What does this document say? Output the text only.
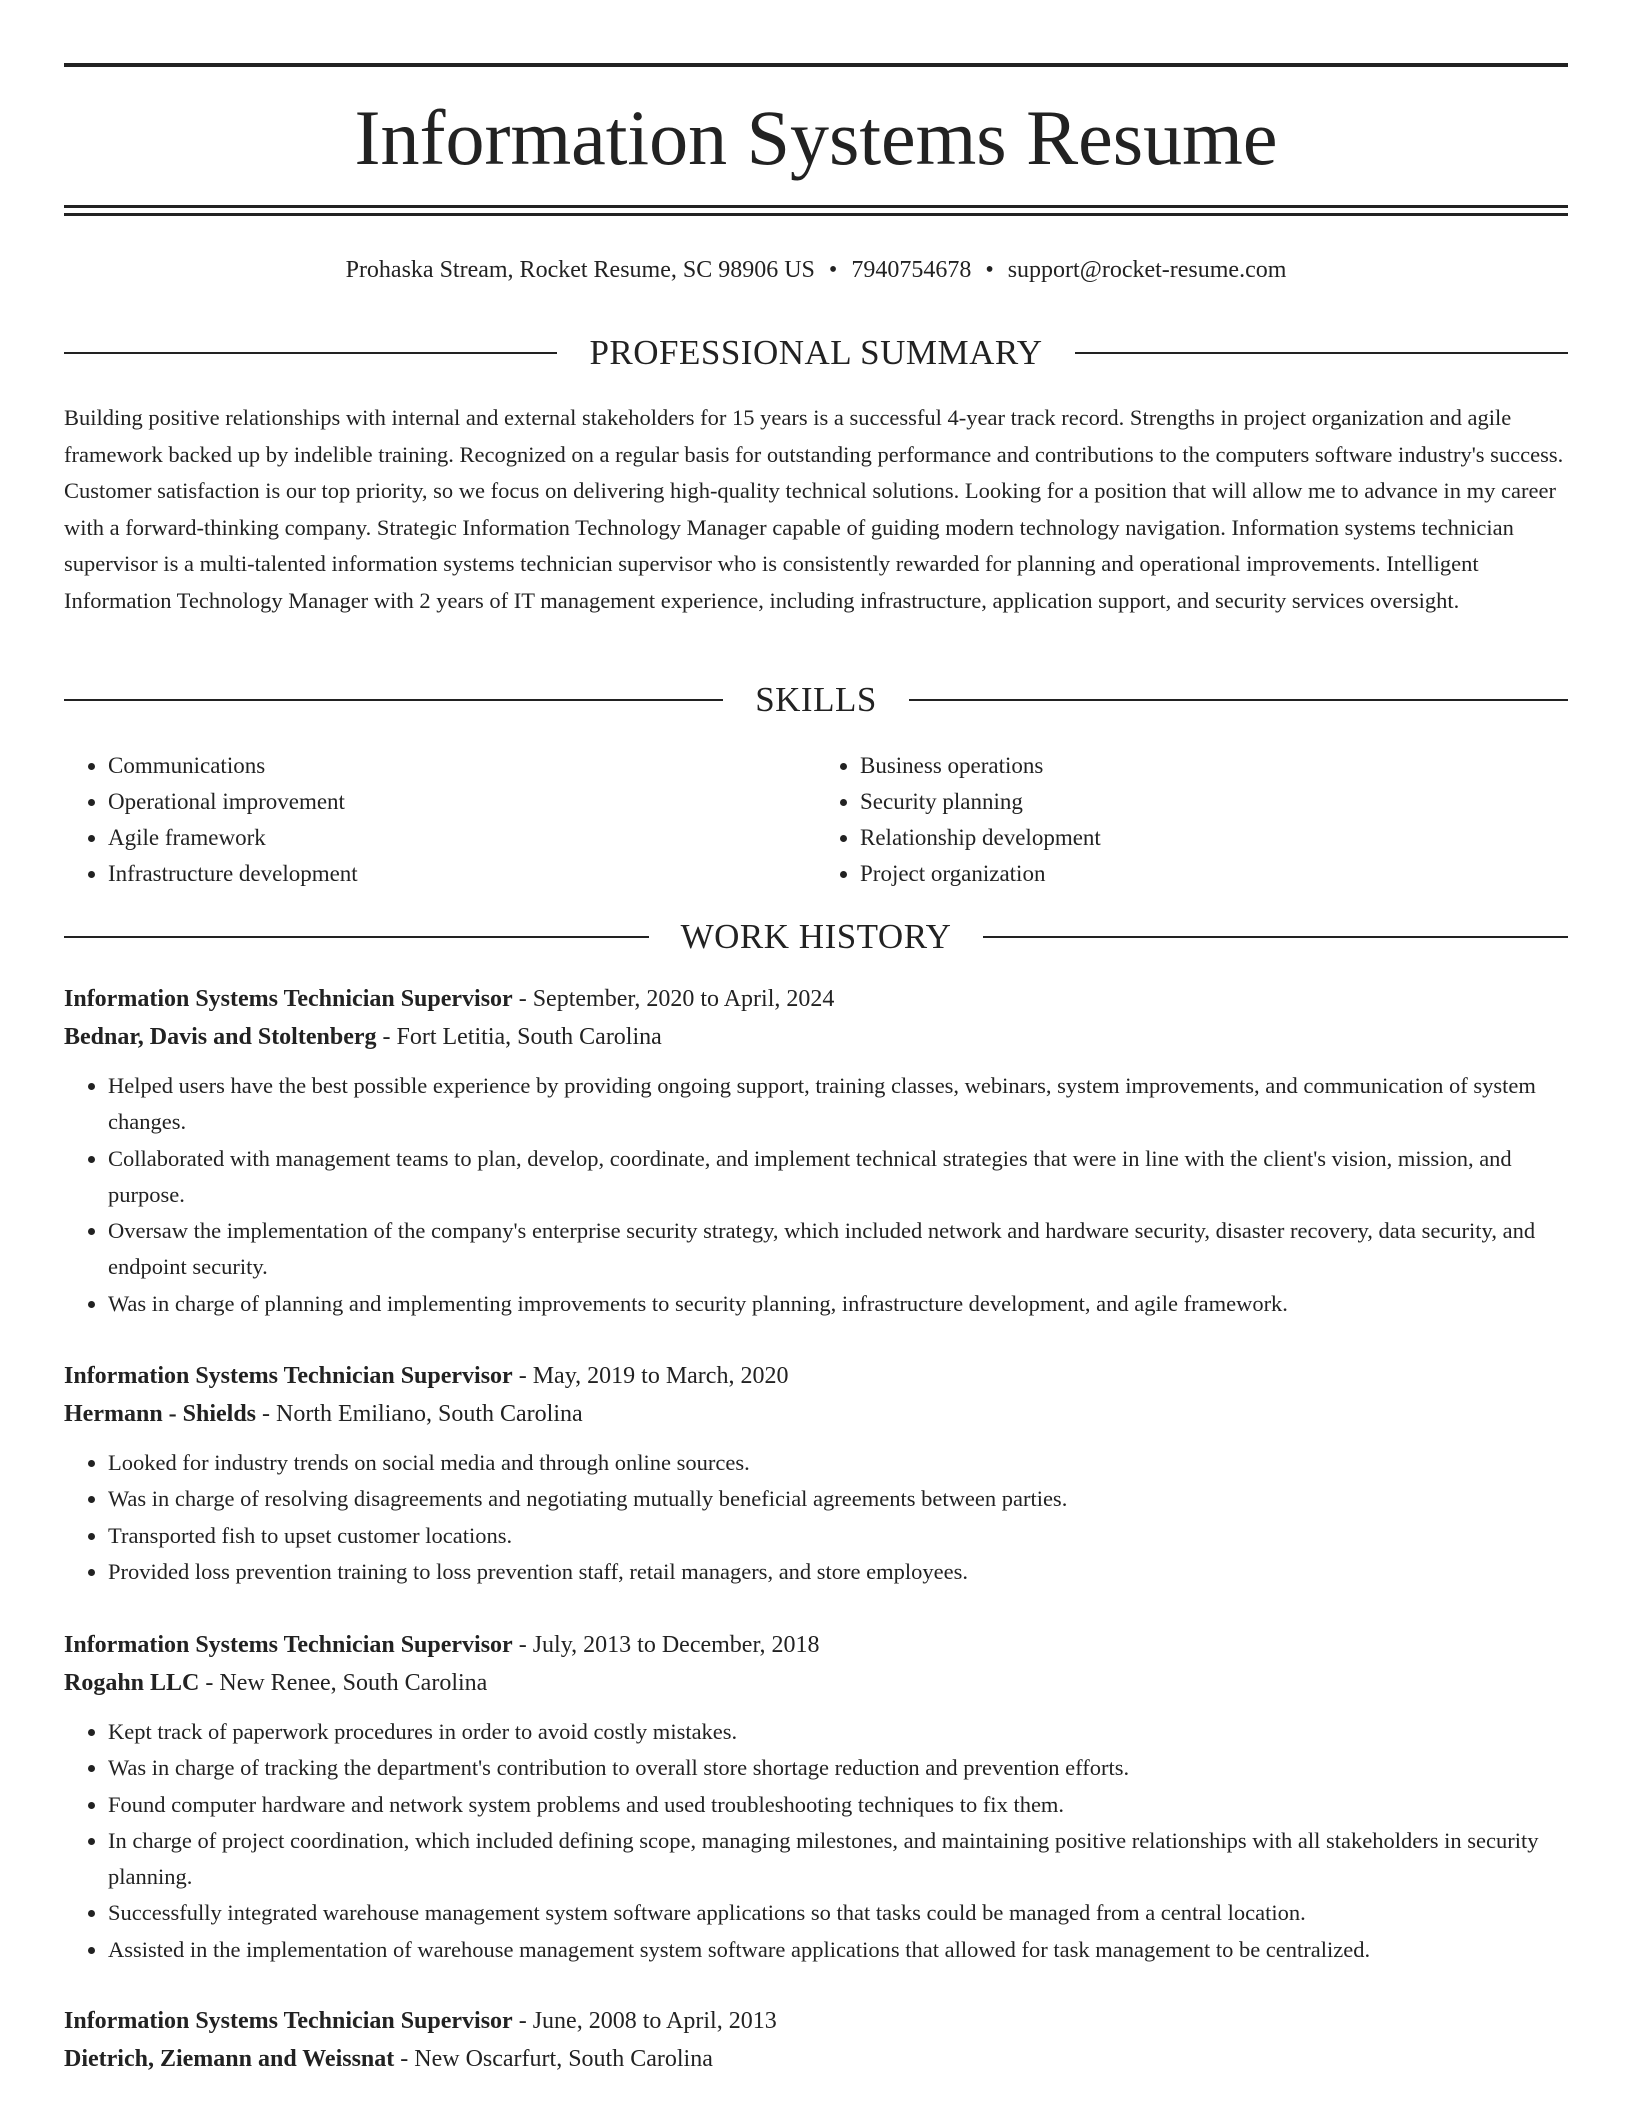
Information Systems Resume
Prohaska Stream, Rocket Resume, SC 98906 US • 7940754678 • support@rocket-resume.com
PROFESSIONAL SUMMARY

Building positive relationships with internal and external stakeholders for 15 years is a successful 4-year track record. Strengths in project organization and agile framework backed up by indelible training. Recognized on a regular basis for outstanding performance and contributions to the computers software industry's success. Customer satisfaction is our top priority, so we focus on delivering high-quality technical solutions. Looking for a position that will allow me to advance in my career with a forward-thinking company. Strategic Information Technology Manager capable of guiding modern technology navigation. Information systems technician supervisor is a multi-talented information systems technician supervisor who is consistently rewarded for planning and operational improvements. Intelligent Information Technology Manager with 2 years of IT management experience, including infrastructure, application support, and security services oversight.

SKILLS
• Communications
• Operational improvement
• Agile framework
• Infrastructure development
• Business operations
• Security planning
• Relationship development
• Project organization
WORK HISTORY

Information Systems Technician Supervisor - September, 2020 to April, 2024

Bednar, Davis and Stoltenberg - Fort Letitia, South Carolina

• Helped users have the best possible experience by providing ongoing support, training classes, webinars, system improvements, and communication of system changes.
• Collaborated with management teams to plan, develop, coordinate, and implement technical strategies that were in line with the client's vision, mission, and purpose.
• Oversaw the implementation of the company's enterprise security strategy, which included network and hardware security, disaster recovery, data security, and endpoint security.
• Was in charge of planning and implementing improvements to security planning, infrastructure development, and agile framework.

Information Systems Technician Supervisor - May, 2019 to March, 2020

Hermann - Shields - North Emiliano, South Carolina

• Looked for industry trends on social media and through online sources.
• Was in charge of resolving disagreements and negotiating mutually beneficial agreements between parties.
• Transported fish to upset customer locations.
• Provided loss prevention training to loss prevention staff, retail managers, and store employees.

Information Systems Technician Supervisor - July, 2013 to December, 2018

Rogahn LLC - New Renee, South Carolina

• Kept track of paperwork procedures in order to avoid costly mistakes.
• Was in charge of tracking the department's contribution to overall store shortage reduction and prevention efforts.
• Found computer hardware and network system problems and used troubleshooting techniques to fix them.
• In charge of project coordination, which included defining scope, managing milestones, and maintaining positive relationships with all stakeholders in security planning.
• Successfully integrated warehouse management system software applications so that tasks could be managed from a central location.
• Assisted in the implementation of warehouse management system software applications that allowed for task management to be centralized.

Information Systems Technician Supervisor - June, 2008 to April, 2013

Dietrich, Ziemann and Weissnat - New Oscarfurt, South Carolina
